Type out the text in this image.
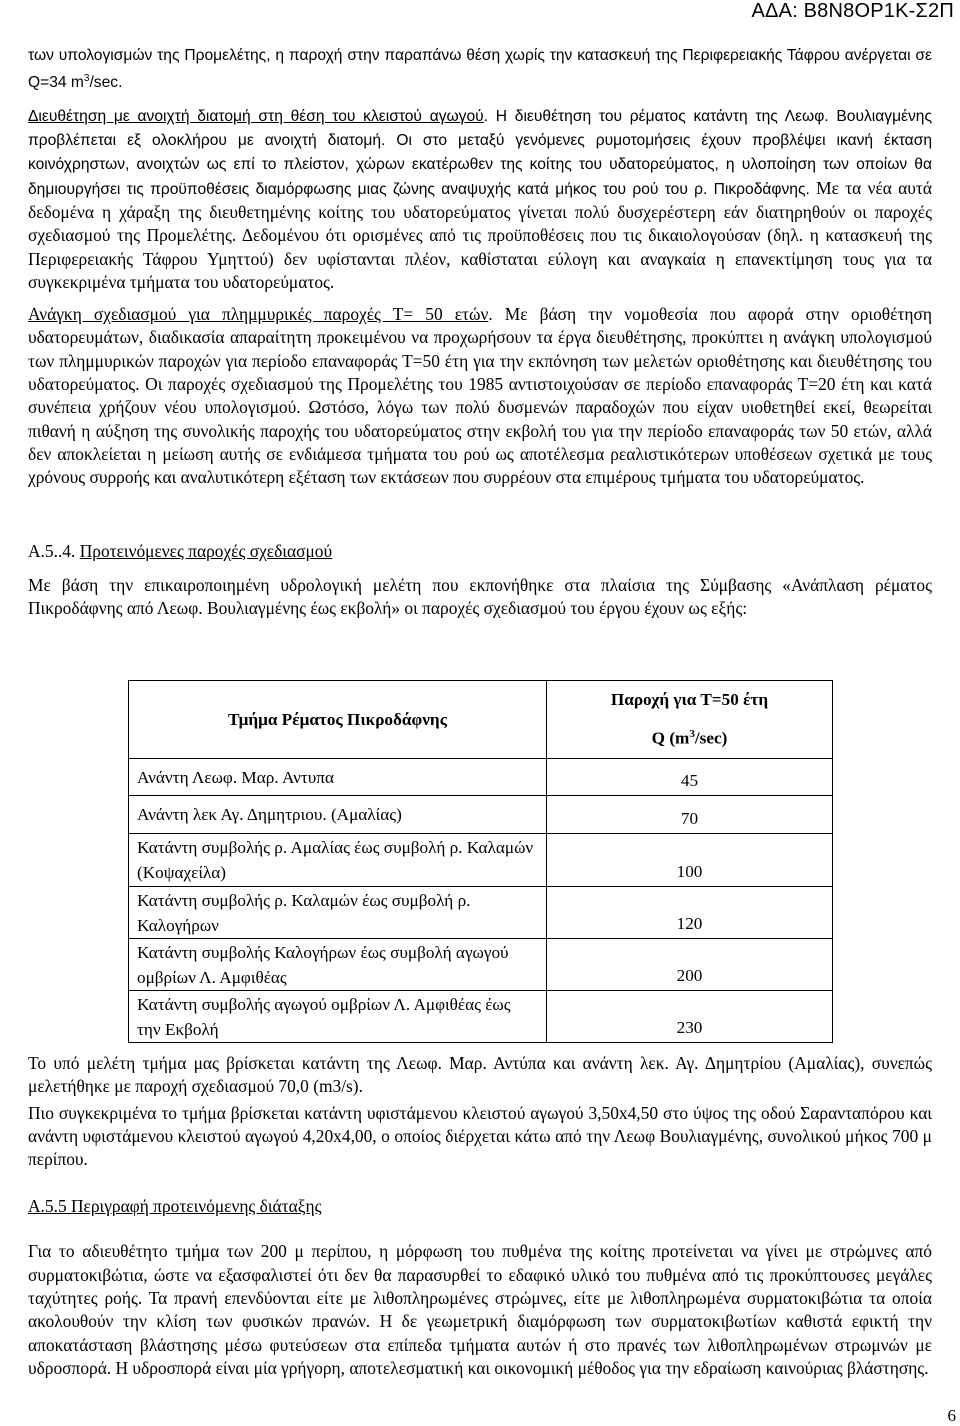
ΑΔΑ: Β8Ν8ΟΡ1Κ-Σ2Π

των υπολογισμών της Προμελέτης, η παροχή στην παραπάνω θέση χωρίς την κατασκευή της Περιφερειακής Τάφρου ανέργεται σε Q=34 $m^3/\sec$.

Διευθέτηση με ανοιχτή διατομή στη θέση του κλειστού αγωγού. Η διευθέτηση του ρέματος κατάντη της Λεωφ. Βουλιαγμένης προβλέπεται εξ ολοκλήρου με ανοιχτή διατομή. Οι στο μεταξύ γενόμενες ρυμοτομήσεις έχουν προβλέψει ικανή έκταση κοινόχρηστων, ανοιχτών ως επί το πλείστον, χώρων εκατέρωθεν της κοίτης του υδατορεύματος, η υλοποίηση των οποίων θα δημιουργήσει τις προϋποθέσεις διαμόρφωσης μιας ζώνης αναψυχής κατά μήκος του ρού του ρ. Πικροδάφνης. Με τα νέα αυτά δεδομένα η χάραξη της διευθετημένης κοίτης του υδατορεύματος γίνεται πολύ δυσχερέστερη εάν διατηρηθούν οι παροχές σχεδιασμού της Προμελέτης. Δεδομένου ότι ορισμένες από τις προϋποθέσεις που τις δικαιολογούσαν (δηλ. η κατασκευή της Περιφερειακής Τάφρου Υμηττού) δεν υφίστανται πλέον, καθίσταται εύλογη και αναγκαία η επανεκτίμηση τους για τα συγκεκριμένα τμήματα του υδατορεύματος.

Ανάγκη σχεδιασμού για πλημμυρικές παροχές Τ= 50 ετών. Με βάση την νομοθεσία που αφορά στην οριοθέτηση υδατορευμάτων, διαδικασία απαραίτητη προκειμένου να προχωρήσουν τα έργα διευθέτησης, προκύπτει η ανάγκη υπολογισμού των πλημμυρικών παροχών για περίοδο επαναφοράς Τ=50 έτη για την εκπόνηση των μελετών οριοθέτησης και διευθέτησης του υδατορεύματος. Οι παροχές σχεδιασμού της Προμελέτης του 1985 αντιστοιχούσαν σε περίοδο επαναφοράς Τ=20 έτη και κατά συνέπεια χρήζουν νέου υπολογισμού. Ωστόσο, λόγω των πολύ δυσμενών παραδοχών που είχαν υιοθετηθεί εκεί, θεωρείται πιθανή η αύξηση της συνολικής παροχής του υδατορεύματος στην εκβολή του για την περίοδο επαναφοράς των 50 ετών, αλλά δεν αποκλείεται η μείωση αυτής σε ενδιάμεσα τμήματα του ρού ως αποτέλεσμα ρεαλιστικότερων υποθέσεων σχετικά με τους χρόνους συρροής και αναλυτικότερη εξέταση των εκτάσεων που συρρέουν στα επιμέρους τμήματα του υδατορεύματος.

Α.5..4. Προτεινόμενες παροχές σχεδιασμού

Με βάση την επικαιροποιημένη υδρολογική μελέτη που εκπονήθηκε στα πλαίσια της Σύμβασης «Ανάπλαση ρέματος Πικροδάφνης από Λεωφ. Βουλιαγμένης έως εκβολή» οι παροχές σχεδιασμού του έργου έχουν ως εξής:

Τμήμα Ρέματος Πικροδάφνης	Παροχή για Τ=50 έτη
Q $(m^3/\sec)$

Ανάντη Λεωφ. Μαρ. Αντυπα	45
Ανάντη λεκ Αγ. Δημητριου. (Αμαλίας)	70
Κατάντη συμβολής ρ. Αμαλίας έως συμβολή ρ. Καλαμών (Κοψαχείλα)	100
Κατάντη συμβολής ρ. Καλαμών έως συμβολή ρ. Καλογήρων	120
Κατάντη συμβολής Καλογήρων έως συμβολή αγωγού ομβρίων Λ. Αμφιθέας	200
Κατάντη συμβολής αγωγού ομβρίων Λ. Αμφιθέας έως την Εκβολή	230

Το υπό μελέτη τμήμα μας βρίσκεται κατάντη της Λεωφ. Μαρ. Αντύπα και ανάντη λεκ. Αγ. Δημητρίου (Αμαλίας), συνεπώς μελετήθηκε με παροχή σχεδιασμού 70,0 (m3/s).

Πιο συγκεκριμένα το τμήμα βρίσκεται κατάντη υφιστάμενου κλειστού αγωγού 3,50x4,50 στο ύψος της οδού Σαρανταπόρου και ανάντη υφιστάμενου κλειστού αγωγού 4,20x4,00, ο οποίος διέρχεται κάτω από την Λεωφ Βουλιαγμένης, συνολικού μήκος 700 μ περίπου.

Α.5.5 Περιγραφή προτεινόμενης διάταξης

Για το αδιευθέτητο τμήμα των 200 μ περίπου, η μόρφωση του πυθμένα της κοίτης προτείνεται να γίνει με στρώμνες από συρματοκιβώτια, ώστε να εξασφαλιστεί ότι δεν θα παρασυρθεί το εδαφικό υλικό του πυθμένα από τις προκύπτουσες μεγάλες ταχύτητες ροής. Τα πρανή επενδύονται είτε με λιθοπληρωμένες στρώμνες, είτε με λιθοπληρωμένα συρματοκιβώτια τα οποία ακολουθούν την κλίση των φυσικών πρανών. Η δε γεωμετρική διαμόρφωση των συρματοκιβωτίων καθιστά εφικτή την αποκατάσταση βλάστησης μέσω φυτεύσεων στα επίπεδα τμήματα αυτών ή στο πρανές των λιθοπληρωμένων στρωμνών με υδροσπορά. Η υδροσπορά είναι μία γρήγορη, αποτελεσματική και οικονομική μέθοδος για την εδραίωση καινούριας βλάστησης.

6
